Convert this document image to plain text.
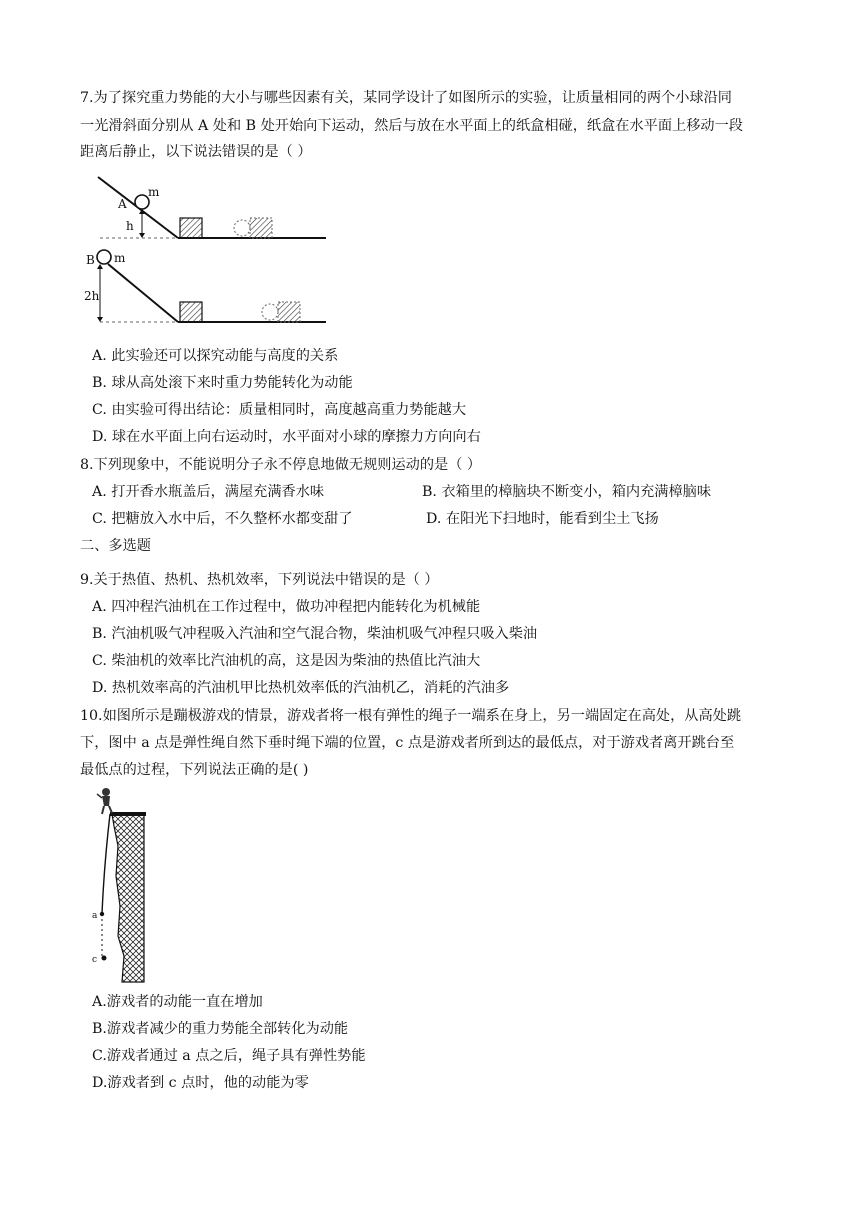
7.为了探究重力势能的大小与哪些因素有关，某同学设计了如图所示的实验，让质量相同的两个小球沿同
一光滑斜面分别从 A 处和 B 处开始向下运动，然后与放在水平面上的纸盒相碰，纸盒在水平面上移动一段
距离后静止，以下说法错误的是（ ）
A
m
h
B m
2h
A. 此实验还可以探究动能与高度的关系
B. 球从高处滚下来时重力势能转化为动能
C. 由实验可得出结论：质量相同时，高度越高重力势能越大
D. 球在水平面上向右运动时，水平面对小球的摩擦力方向向右
8.下列现象中，不能说明分子永不停息地做无规则运动的是（ ）
A. 打开香水瓶盖后，满屋充满香水味	B. 衣箱里的樟脑块不断变小，箱内充满樟脑味
C. 把糖放入水中后，不久整杯水都变甜了	D. 在阳光下扫地时，能看到尘土飞扬
二、多选题
9.关于热值、热机、热机效率，下列说法中错误的是（ ）
A. 四冲程汽油机在工作过程中，做功冲程把内能转化为机械能
B. 汽油机吸气冲程吸入汽油和空气混合物，柴油机吸气冲程只吸入柴油
C. 柴油机的效率比汽油机的高，这是因为柴油的热值比汽油大
D. 热机效率高的汽油机甲比热机效率低的汽油机乙，消耗的汽油多
10.如图所示是蹦极游戏的情景，游戏者将一根有弹性的绳子一端系在身上，另一端固定在高处，从高处跳
下，图中 a 点是弹性绳自然下垂时绳下端的位置，c 点是游戏者所到达的最低点，对于游戏者离开跳台至
最低点的过程，下列说法正确的是( )
a
c
A.游戏者的动能一直在增加
B.游戏者减少的重力势能全部转化为动能
C.游戏者通过 a 点之后，绳子具有弹性势能
D.游戏者到 c 点时，他的动能为零
